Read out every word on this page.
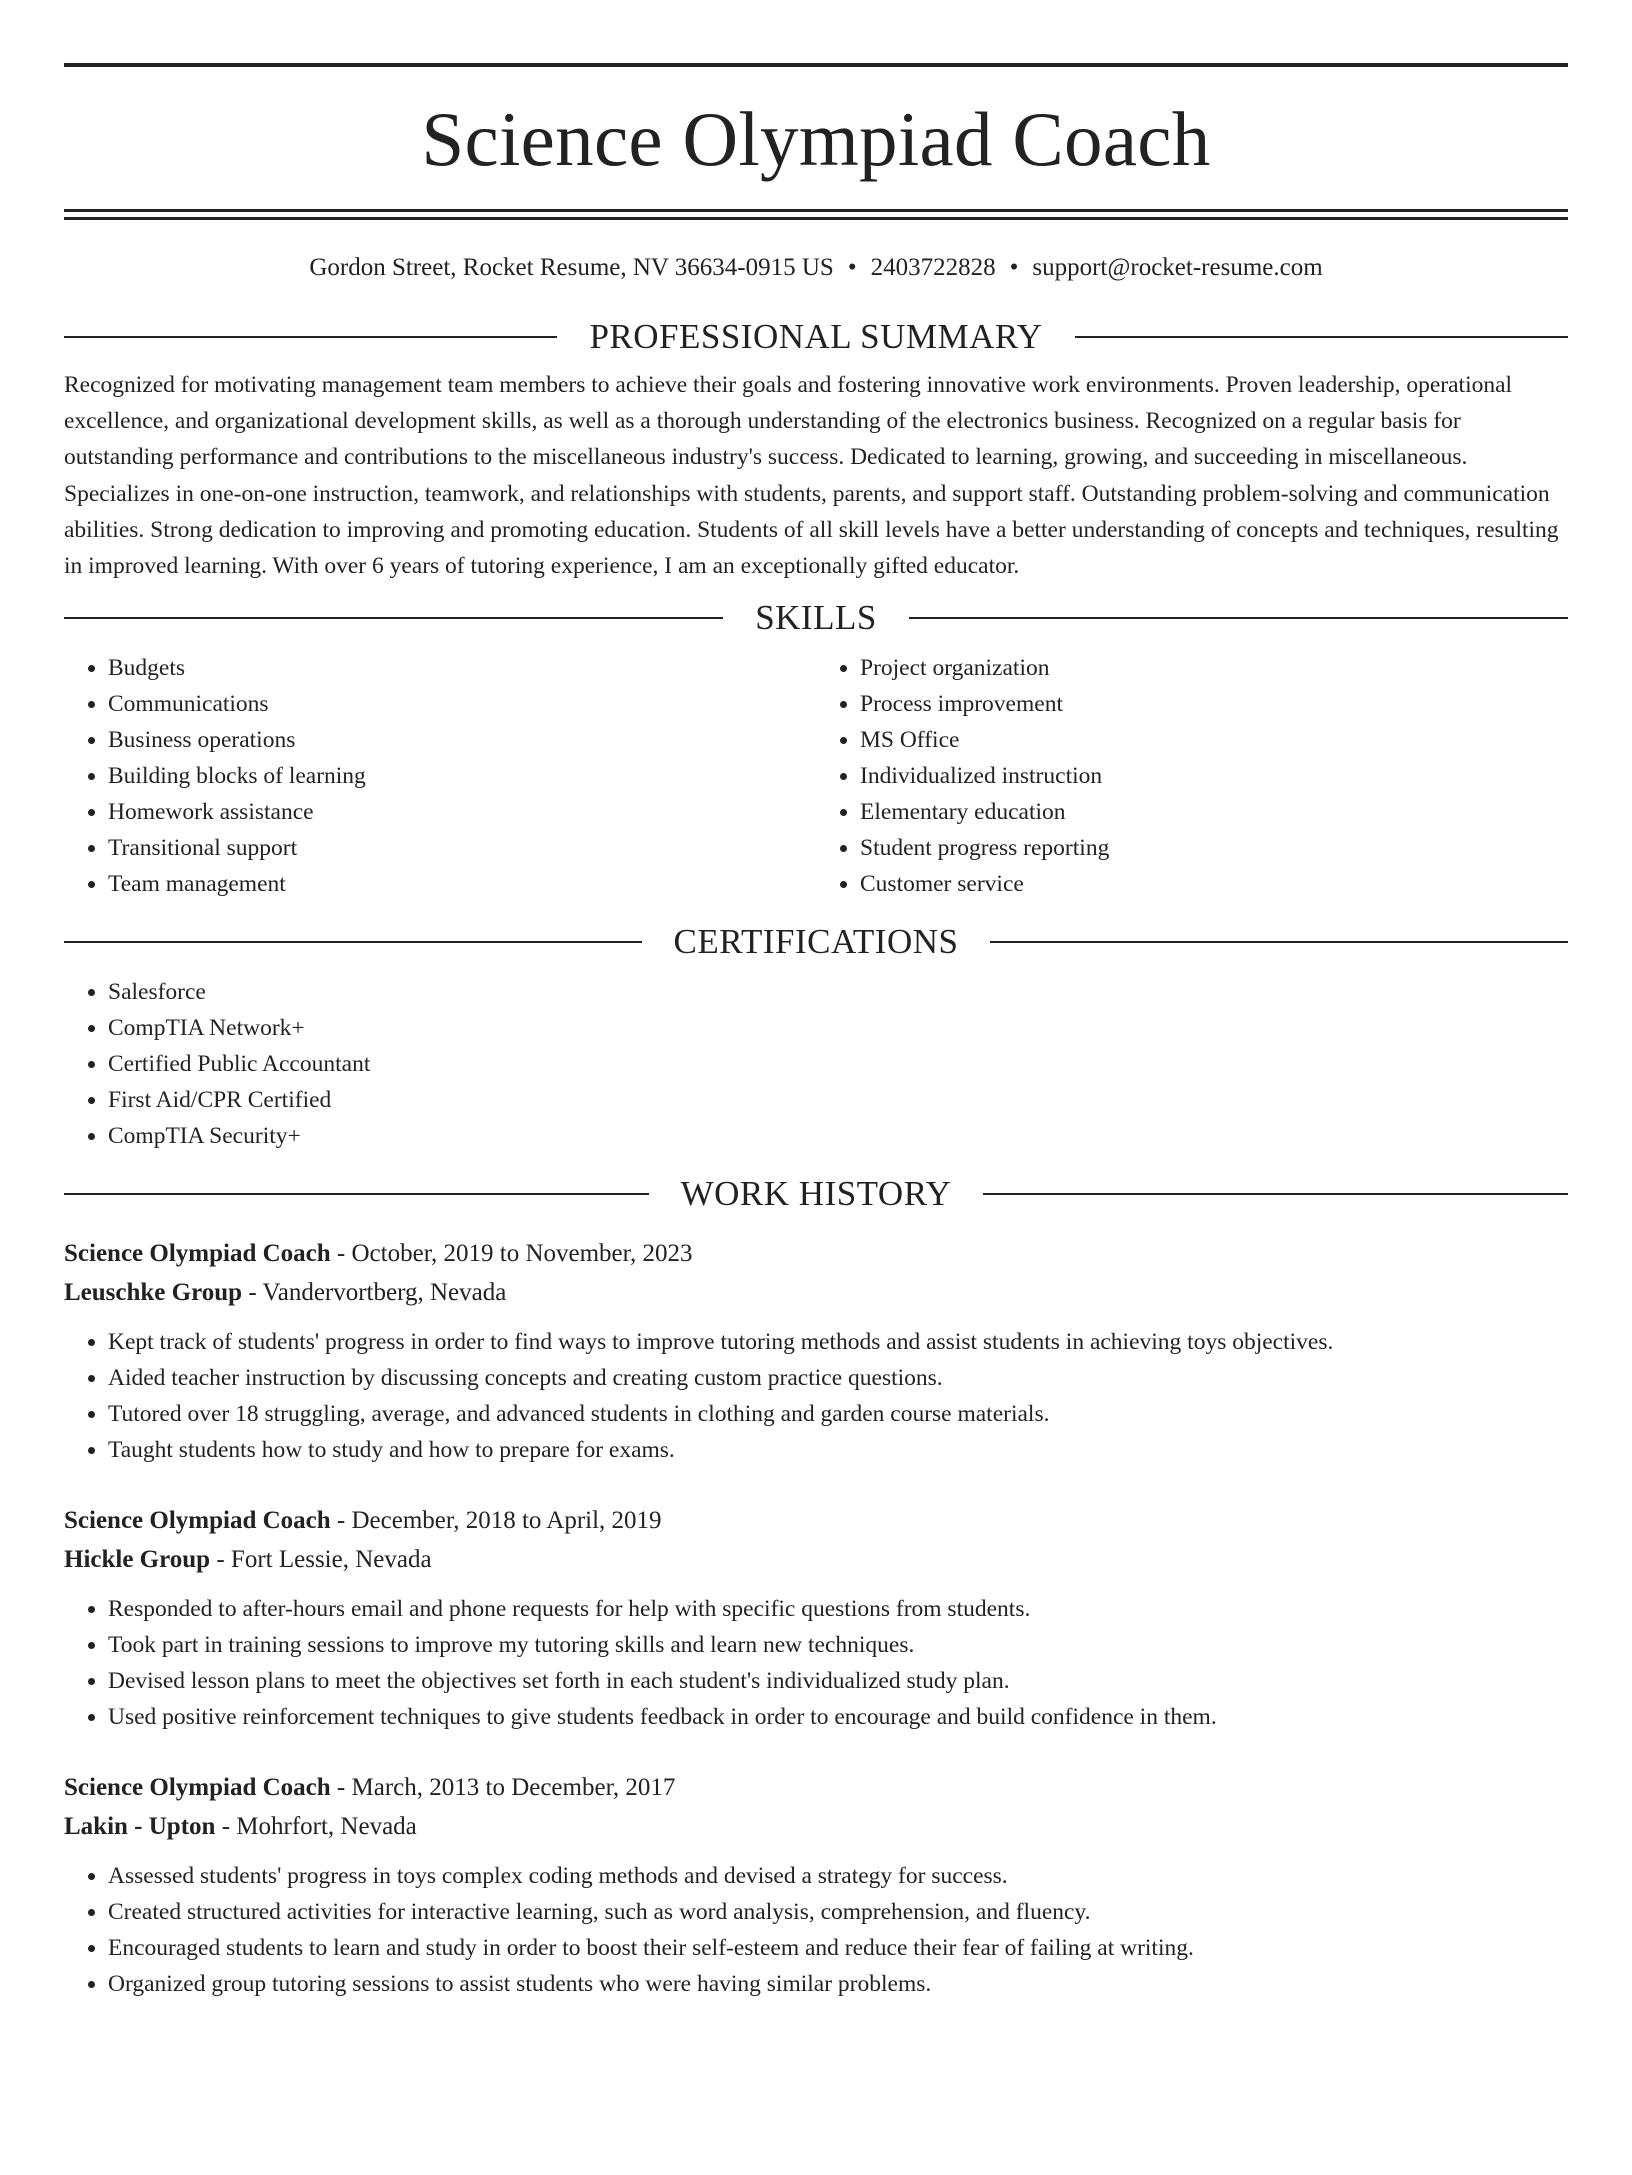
Science Olympiad Coach
Gordon Street, Rocket Resume, NV 36634-0915 US • 2403722828 • support@rocket-resume.com
PROFESSIONAL SUMMARY

Recognized for motivating management team members to achieve their goals and fostering innovative work environments. Proven leadership, operational excellence, and organizational development skills, as well as a thorough understanding of the electronics business. Recognized on a regular basis for outstanding performance and contributions to the miscellaneous industry's success. Dedicated to learning, growing, and succeeding in miscellaneous. Specializes in one-on-one instruction, teamwork, and relationships with students, parents, and support staff. Outstanding problem-solving and communication abilities. Strong dedication to improving and promoting education. Students of all skill levels have a better understanding of concepts and techniques, resulting in improved learning. With over 6 years of tutoring experience, I am an exceptionally gifted educator.

SKILLS
• Budgets
• Communications
• Business operations
• Building blocks of learning
• Homework assistance
• Transitional support
• Team management
• Project organization
• Process improvement
• MS Office
• Individualized instruction
• Elementary education
• Student progress reporting
• Customer service
CERTIFICATIONS
• Salesforce
• CompTIA Network+
• Certified Public Accountant
• First Aid/CPR Certified
• CompTIA Security+
WORK HISTORY
Science Olympiad Coach - October, 2019 to November, 2023
Leuschke Group - Vandervortberg, Nevada
• Kept track of students' progress in order to find ways to improve tutoring methods and assist students in achieving toys objectives.
• Aided teacher instruction by discussing concepts and creating custom practice questions.
• Tutored over 18 struggling, average, and advanced students in clothing and garden course materials.
• Taught students how to study and how to prepare for exams.
Science Olympiad Coach - December, 2018 to April, 2019
Hickle Group - Fort Lessie, Nevada
• Responded to after-hours email and phone requests for help with specific questions from students.
• Took part in training sessions to improve my tutoring skills and learn new techniques.
• Devised lesson plans to meet the objectives set forth in each student's individualized study plan.
• Used positive reinforcement techniques to give students feedback in order to encourage and build confidence in them.
Science Olympiad Coach - March, 2013 to December, 2017
Lakin - Upton - Mohrfort, Nevada
• Assessed students' progress in toys complex coding methods and devised a strategy for success.
• Created structured activities for interactive learning, such as word analysis, comprehension, and fluency.
• Encouraged students to learn and study in order to boost their self-esteem and reduce their fear of failing at writing.
• Organized group tutoring sessions to assist students who were having similar problems.
